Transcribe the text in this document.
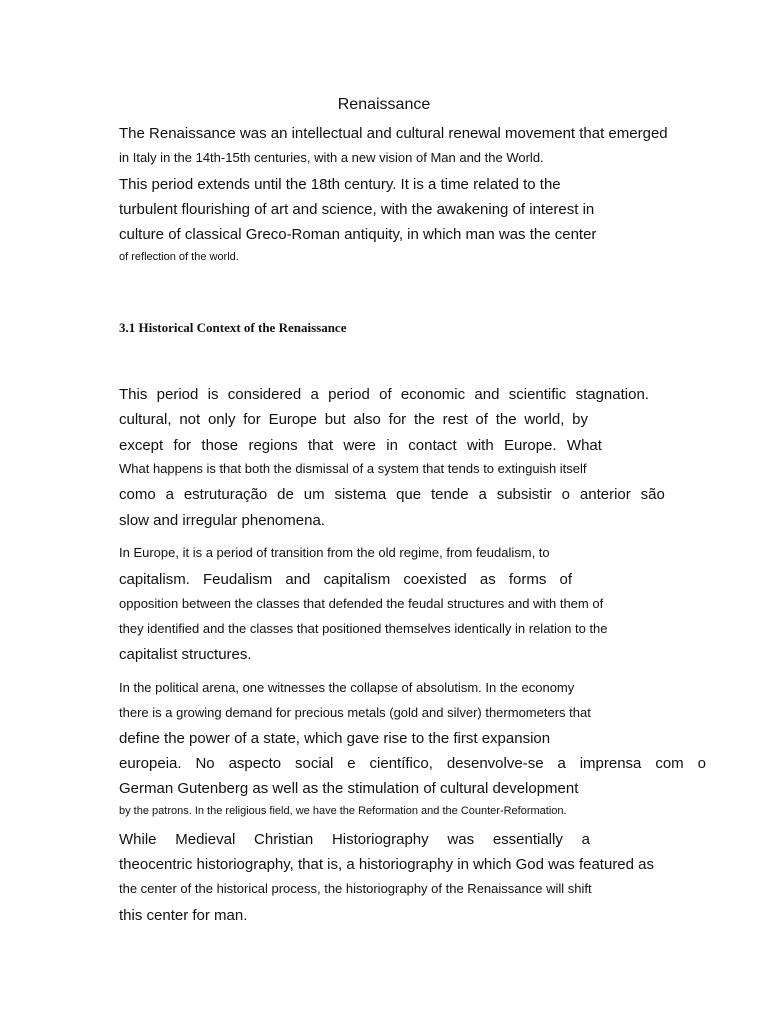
Renaissance
The Renaissance was an intellectual and cultural renewal movement that emerged
in Italy in the 14th-15th centuries, with a new vision of Man and the World.
This period extends until the 18th century. It is a time related to the
turbulent flourishing of art and science, with the awakening of interest in
culture of classical Greco-Roman antiquity, in which man was the center
of reflection of the world.
3.1 Historical Context of the Renaissance
This period is considered a period of economic and scientific stagnation.
cultural, not only for Europe but also for the rest of the world, by
except for those regions that were in contact with Europe. What
What happens is that both the dismissal of a system that tends to extinguish itself
como a estruturação de um sistema que tende a subsistir o anterior são
slow and irregular phenomena.
In Europe, it is a period of transition from the old regime, from feudalism, to
capitalism. Feudalism and capitalism coexisted as forms of
opposition between the classes that defended the feudal structures and with them of
they identified and the classes that positioned themselves identically in relation to the
capitalist structures.
In the political arena, one witnesses the collapse of absolutism. In the economy
there is a growing demand for precious metals (gold and silver) thermometers that
define the power of a state, which gave rise to the first expansion
europeia. No aspecto social e científico, desenvolve-se a imprensa com o
German Gutenberg as well as the stimulation of cultural development
by the patrons. In the religious field, we have the Reformation and the Counter-Reformation.
While Medieval Christian Historiography was essentially a
theocentric historiography, that is, a historiography in which God was featured as
the center of the historical process, the historiography of the Renaissance will shift
this center for man.
